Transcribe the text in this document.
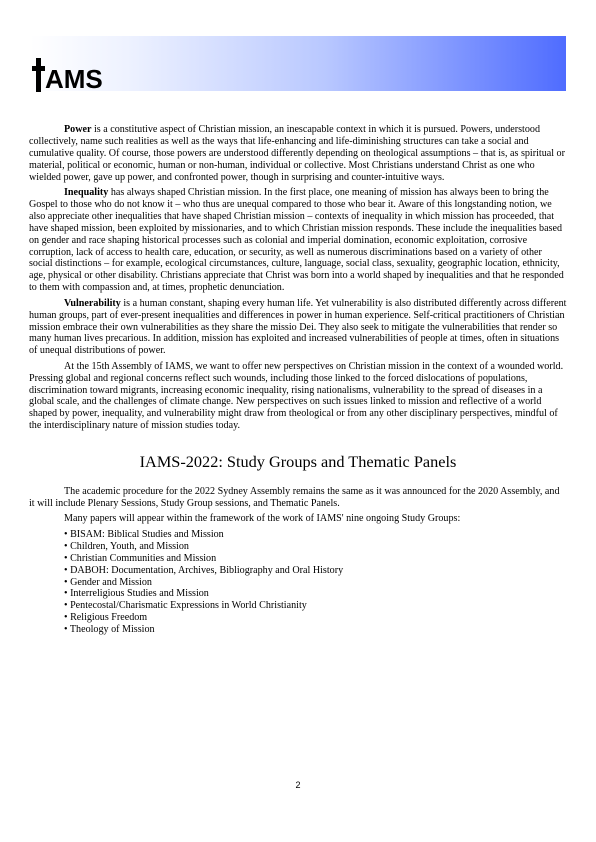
AMS

Power is a constitutive aspect of Christian mission, an inescapable context in which it is pursued. Powers, understood collectively, name such realities as well as the ways that life-enhancing and life-diminishing structures can take a social and cumulative quality. Of course, those powers are understood differently depending on theological assumptions – that is, as spiritual or material, political or economic, human or non-human, individual or collective. Most Christians understand Christ as one who wielded power, gave up power, and confronted power, though in surprising and counter-intuitive ways.

Inequality has always shaped Christian mission. In the first place, one meaning of mission has always been to bring the Gospel to those who do not know it – who thus are unequal compared to those who bear it. Aware of this longstanding notion, we also appreciate other inequalities that have shaped Christian mission – contexts of inequality in which mission has proceeded, that have shaped mission, been exploited by missionaries, and to which Christian mission responds. These include the inequalities based on gender and race shaping historical processes such as colonial and imperial domination, economic exploitation, corrosive corruption, lack of access to health care, education, or security, as well as numerous discriminations based on a variety of other social distinctions – for example, ecological circumstances, culture, language, social class, sexuality, geographic location, ethnicity, age, physical or other disability. Christians appreciate that Christ was born into a world shaped by inequalities and that he responded to them with compassion and, at times, prophetic denunciation.

Vulnerability is a human constant, shaping every human life. Yet vulnerability is also distributed differently across different human groups, part of ever-present inequalities and differences in power in human experience. Self-critical practitioners of Christian mission embrace their own vulnerabilities as they share the missio Dei. They also seek to mitigate the vulnerabilities that render so many human lives precarious. In addition, mission has exploited and increased vulnerabilities of people at times, often in situations of unequal distributions of power.

At the 15th Assembly of IAMS, we want to offer new perspectives on Christian mission in the context of a wounded world. Pressing global and regional concerns reflect such wounds, including those linked to the forced dislocations of populations, discrimination toward migrants, increasing economic inequality, rising nationalisms, vulnerability to the spread of diseases in a global scale, and the challenges of climate change. New perspectives on such issues linked to mission and reflective of a world shaped by power, inequality, and vulnerability might draw from theological or from any other disciplinary perspectives, mindful of the interdisciplinary nature of mission studies today.

IAMS-2022: Study Groups and Thematic Panels

The academic procedure for the 2022 Sydney Assembly remains the same as it was announced for the 2020 Assembly, and it will include Plenary Sessions, Study Group sessions, and Thematic Panels.

Many papers will appear within the framework of the work of IAMS' nine ongoing Study Groups:

• BISAM: Biblical Studies and Mission
• Children, Youth, and Mission
• Christian Communities and Mission
• DABOH: Documentation, Archives, Bibliography and Oral History
• Gender and Mission
• Interreligious Studies and Mission
• Pentecostal/Charismatic Expressions in World Christianity
• Religious Freedom
• Theology of Mission
2
